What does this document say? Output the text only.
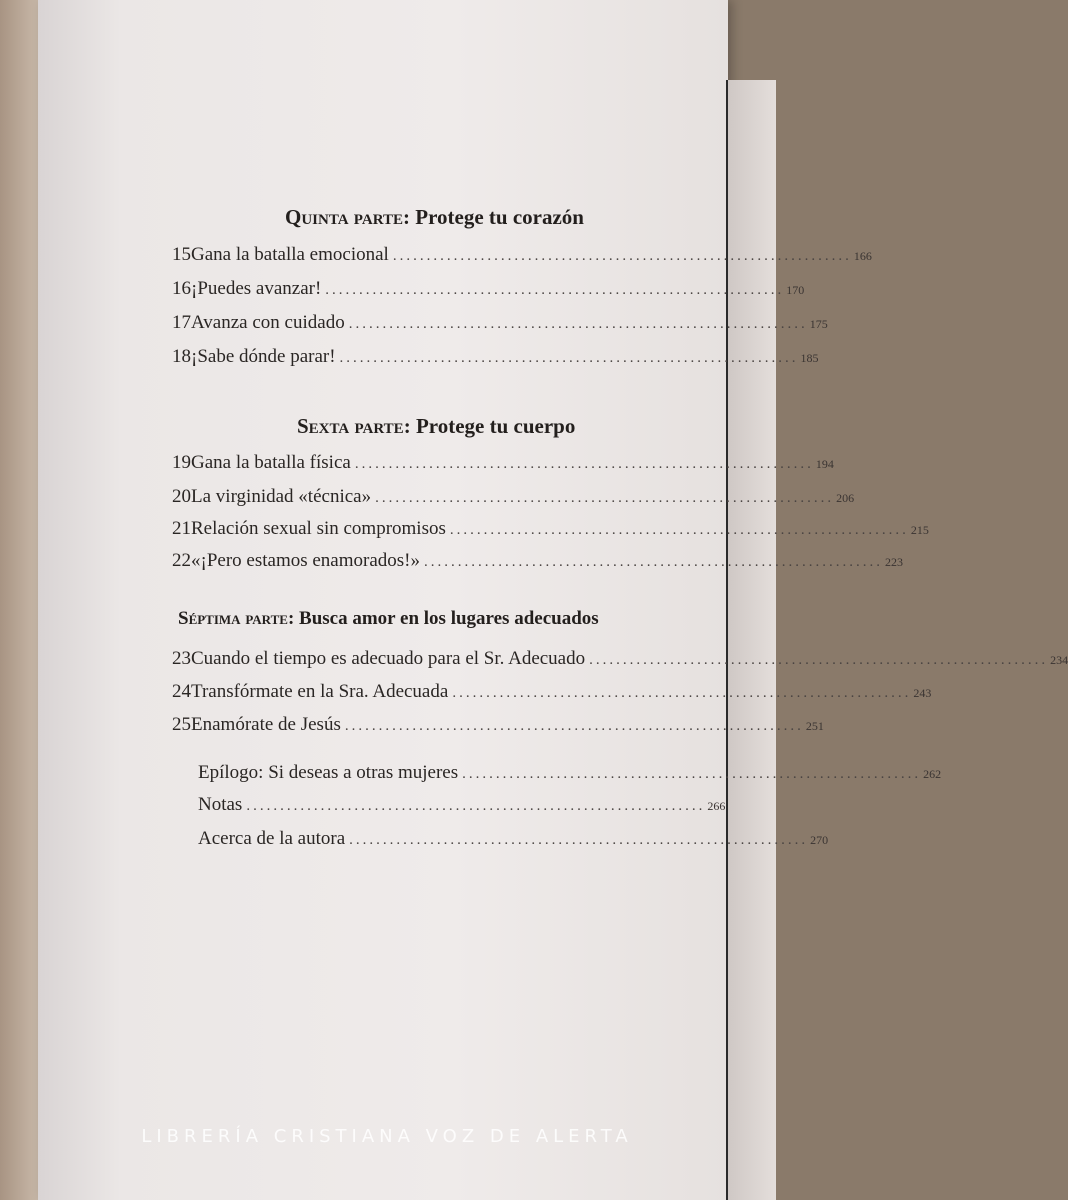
Quinta parte: Protege tu corazón
15 Gana la batalla emocional .................................................................... 166
16 ¡Puedes avanzar! .................................................................... 170
17 Avanza con cuidado .................................................................... 175
18 ¡Sabe dónde parar! .................................................................... 185
Sexta parte: Protege tu cuerpo
19 Gana la batalla física .................................................................... 194
20 La virginidad «técnica» .................................................................... 206
21 Relación sexual sin compromisos .................................................................... 215
22 «¡Pero estamos enamorados!» .................................................................... 223
Séptima parte: Busca amor en los lugares adecuados
23 Cuando el tiempo es adecuado para el Sr. Adecuado .................................................................... 234
24 Transfórmate en la Sra. Adecuada .................................................................... 243
25 Enamórate de Jesús .................................................................... 251
Epílogo: Si deseas a otras mujeres .................................................................... 262
Notas .................................................................... 266
Acerca de la autora .................................................................... 270
LIBRERÍA CRISTIANA VOZ DE ALERTA
